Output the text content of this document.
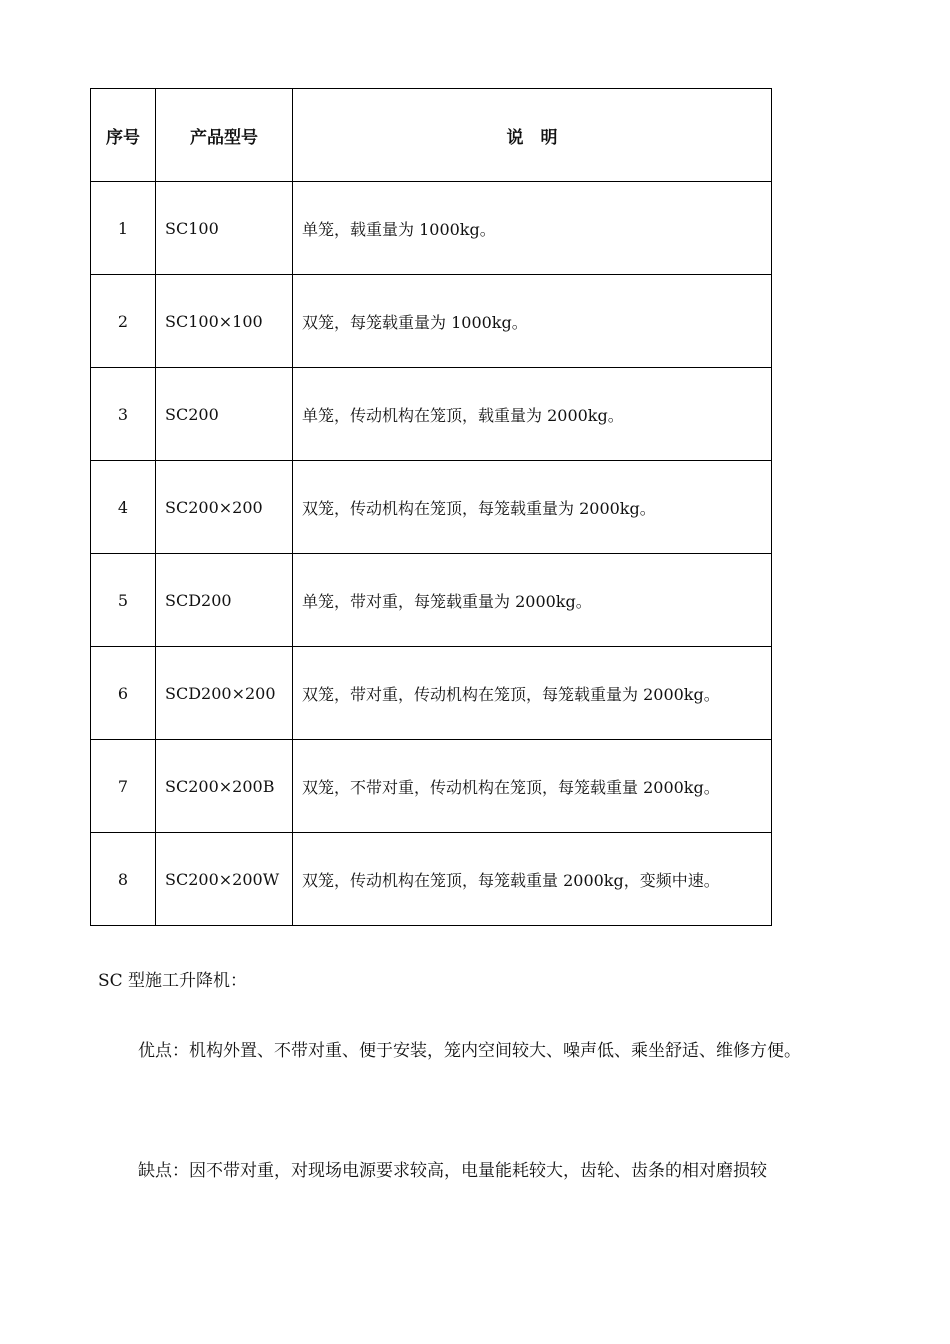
序号	产品型号	说　明
1	SC100	单笼，载重量为 1000kg。
2	SC100×100	双笼，每笼载重量为 1000kg。
3	SC200	单笼，传动机构在笼顶，载重量为 2000kg。
4	SC200×200	双笼，传动机构在笼顶，每笼载重量为 2000kg。
5	SCD200	单笼，带对重，每笼载重量为 2000kg。
6	SCD200×200	双笼，带对重，传动机构在笼顶，每笼载重量为 2000kg。
7	SC200×200B	双笼，不带对重，传动机构在笼顶，每笼载重量 2000kg。
8	SC200×200W	双笼，传动机构在笼顶，每笼载重量 2000kg，变频中速。
SC 型施工升降机：

优点：机构外置、不带对重、便于安装，笼内空间较大、噪声低、乘坐舒适、维修方便。

缺点：因不带对重，对现场电源要求较高，电量能耗较大，齿轮、齿条的相对磨损较
